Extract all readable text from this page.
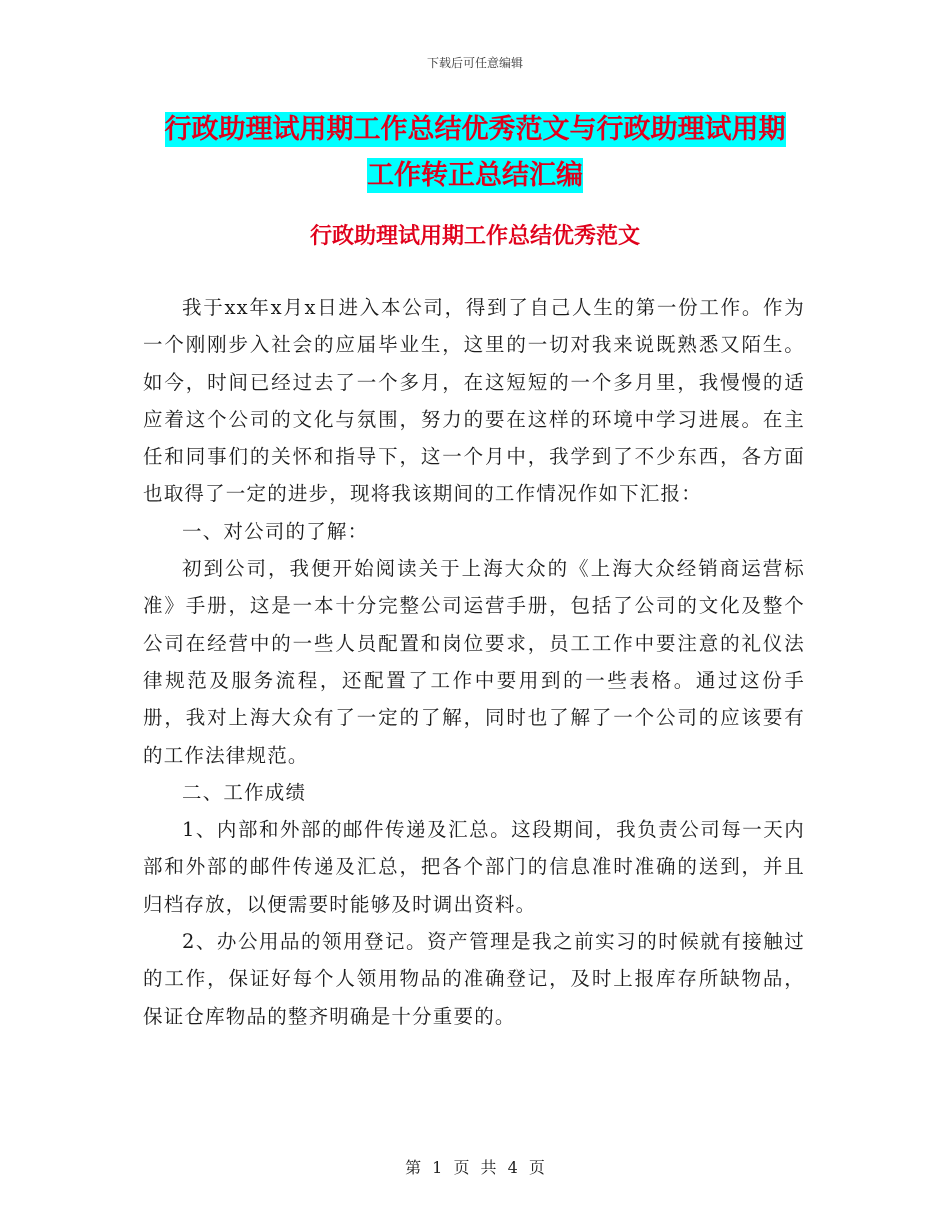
下载后可任意编辑
行政助理试用期工作总结优秀范文与行政助理试用期
工作转正总结汇编
行政助理试用期工作总结优秀范文

我于xx年x月x日进入本公司，得到了自己人生的第一份工作。作为一个刚刚步入社会的应届毕业生，这里的一切对我来说既熟悉又陌生。如今，时间已经过去了一个多月，在这短短的一个多月里，我慢慢的适应着这个公司的文化与氛围，努力的要在这样的环境中学习进展。在主任和同事们的关怀和指导下，这一个月中，我学到了不少东西，各方面也取得了一定的进步，现将我该期间的工作情况作如下汇报：

一、对公司的了解：

初到公司，我便开始阅读关于上海大众的《上海大众经销商运营标准》手册，这是一本十分完整公司运营手册，包括了公司的文化及整个公司在经营中的一些人员配置和岗位要求，员工工作中要注意的礼仪法律规范及服务流程，还配置了工作中要用到的一些表格。通过这份手册，我对上海大众有了一定的了解，同时也了解了一个公司的应该要有的工作法律规范。

二、工作成绩

1、内部和外部的邮件传递及汇总。这段期间，我负责公司每一天内部和外部的邮件传递及汇总，把各个部门的信息准时准确的送到，并且归档存放，以便需要时能够及时调出资料。

2、办公用品的领用登记。资产管理是我之前实习的时候就有接触过的工作，保证好每个人领用物品的准确登记，及时上报库存所缺物品，保证仓库物品的整齐明确是十分重要的。

第 1 页 共 4 页
